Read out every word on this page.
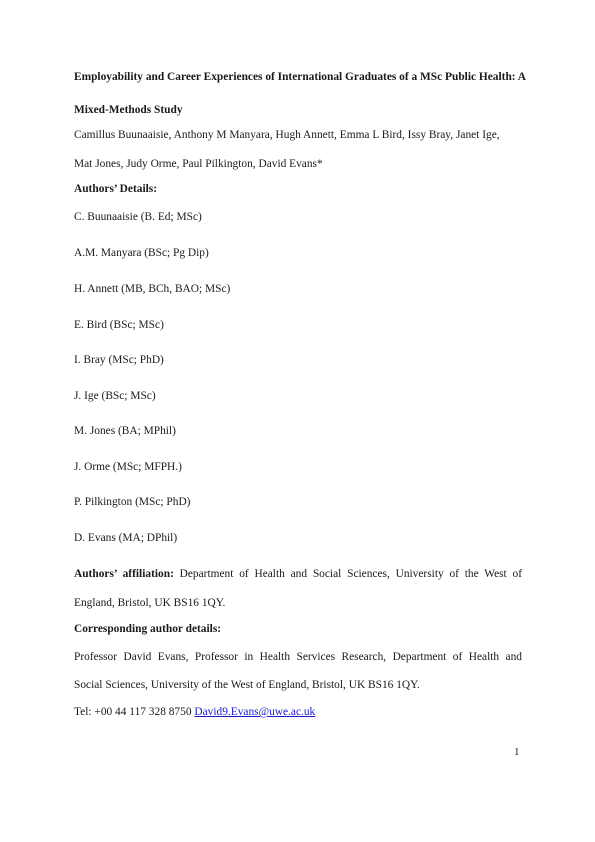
Employability and Career Experiences of International Graduates of a MSc Public Health: A
Mixed-Methods Study
Camillus Buunaaisie, Anthony M Manyara, Hugh Annett, Emma L Bird, Issy Bray, Janet Ige,
Mat Jones, Judy Orme, Paul Pilkington, David Evans*
Authors’ Details:
C. Buunaaisie (B. Ed; MSc)
A.M. Manyara (BSc; Pg Dip)
H. Annett (MB, BCh, BAO; MSc)
E. Bird (BSc; MSc)
I. Bray (MSc; PhD)
J. Ige (BSc; MSc)
M. Jones (BA; MPhil)
J. Orme (MSc; MFPH.)
P. Pilkington (MSc; PhD)
D. Evans (MA; DPhil)
Authors’ affiliation: Department of Health and Social Sciences, University of the West of
England, Bristol, UK BS16 1QY.
Corresponding author details:
Professor David Evans, Professor in Health Services Research, Department of Health and
Social Sciences, University of the West of England, Bristol, UK BS16 1QY.
Tel: +00 44 117 328 8750 David9.Evans@uwe.ac.uk
1
